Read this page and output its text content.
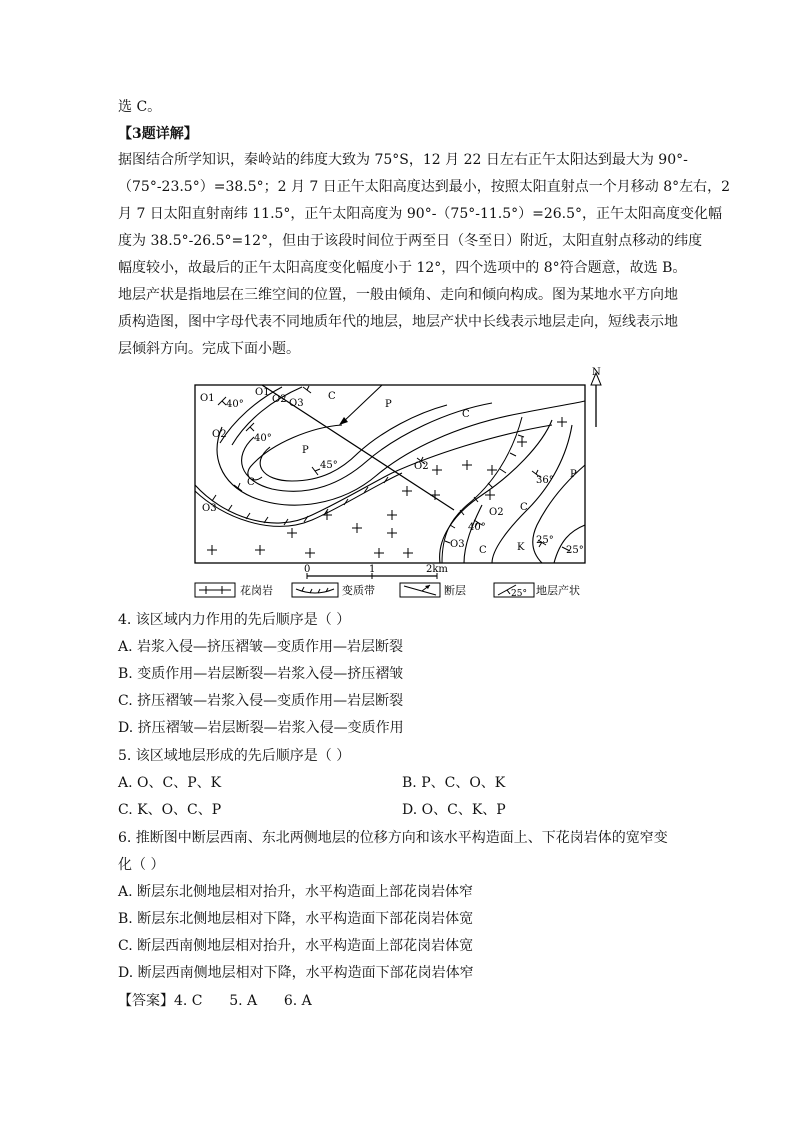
选 C。
【3题详解】
据图结合所学知识，秦岭站的纬度大致为 75°S，12 月 22 日左右正午太阳达到最大为 90°-
（75°-23.5°）=38.5°；2 月 7 日正午太阳高度达到最小，按照太阳直射点一个月移动 8°左右，2
月 7 日太阳直射南纬 11.5°，正午太阳高度为 90°-（75°-11.5°）=26.5°，正午太阳高度变化幅
度为 38.5°-26.5°=12°，但由于该段时间位于两至日（冬至日）附近，太阳直射点移动的纬度
幅度较小，故最后的正午太阳高度变化幅度小于 12°，四个选项中的 8°符合题意，故选 B。
地层产状是指地层在三维空间的位置，一般由倾角、走向和倾向构成。图为某地水平方向地
质构造图，图中字母代表不同地质年代的地层，地层产状中长线表示地层走向，短线表示地
层倾斜方向。完成下面小题。
N
O1
O1
O2 O3
C
P
40°
O2	40°
P
C
O2
45°
C
O3
36°
P
O2
40°
C
O3
C	K
25°
25°
0	1	2km
花岗岩	变质带	断层	25° 地层产状
4. 该区域内力作用的先后顺序是（ ）
A. 岩浆入侵—挤压褶皱—变质作用—岩层断裂
B. 变质作用—岩层断裂—岩浆入侵—挤压褶皱
C. 挤压褶皱—岩浆入侵—变质作用—岩层断裂
D. 挤压褶皱—岩层断裂—岩浆入侵—变质作用
5. 该区域地层形成的先后顺序是（ ）
A. O、C、P、K	B. P、C、O、K
C. K、O、C、P	D. O、C、K、P
6. 推断图中断层西南、东北两侧地层的位移方向和该水平构造面上、下花岗岩体的宽窄变
化（ ）
A. 断层东北侧地层相对抬升，水平构造面上部花岗岩体窄
B. 断层东北侧地层相对下降，水平构造面下部花岗岩体宽
C. 断层西南侧地层相对抬升，水平构造面上部花岗岩体宽
D. 断层西南侧地层相对下降，水平构造面下部花岗岩体窄
【答案】4. C      5. A      6. A
